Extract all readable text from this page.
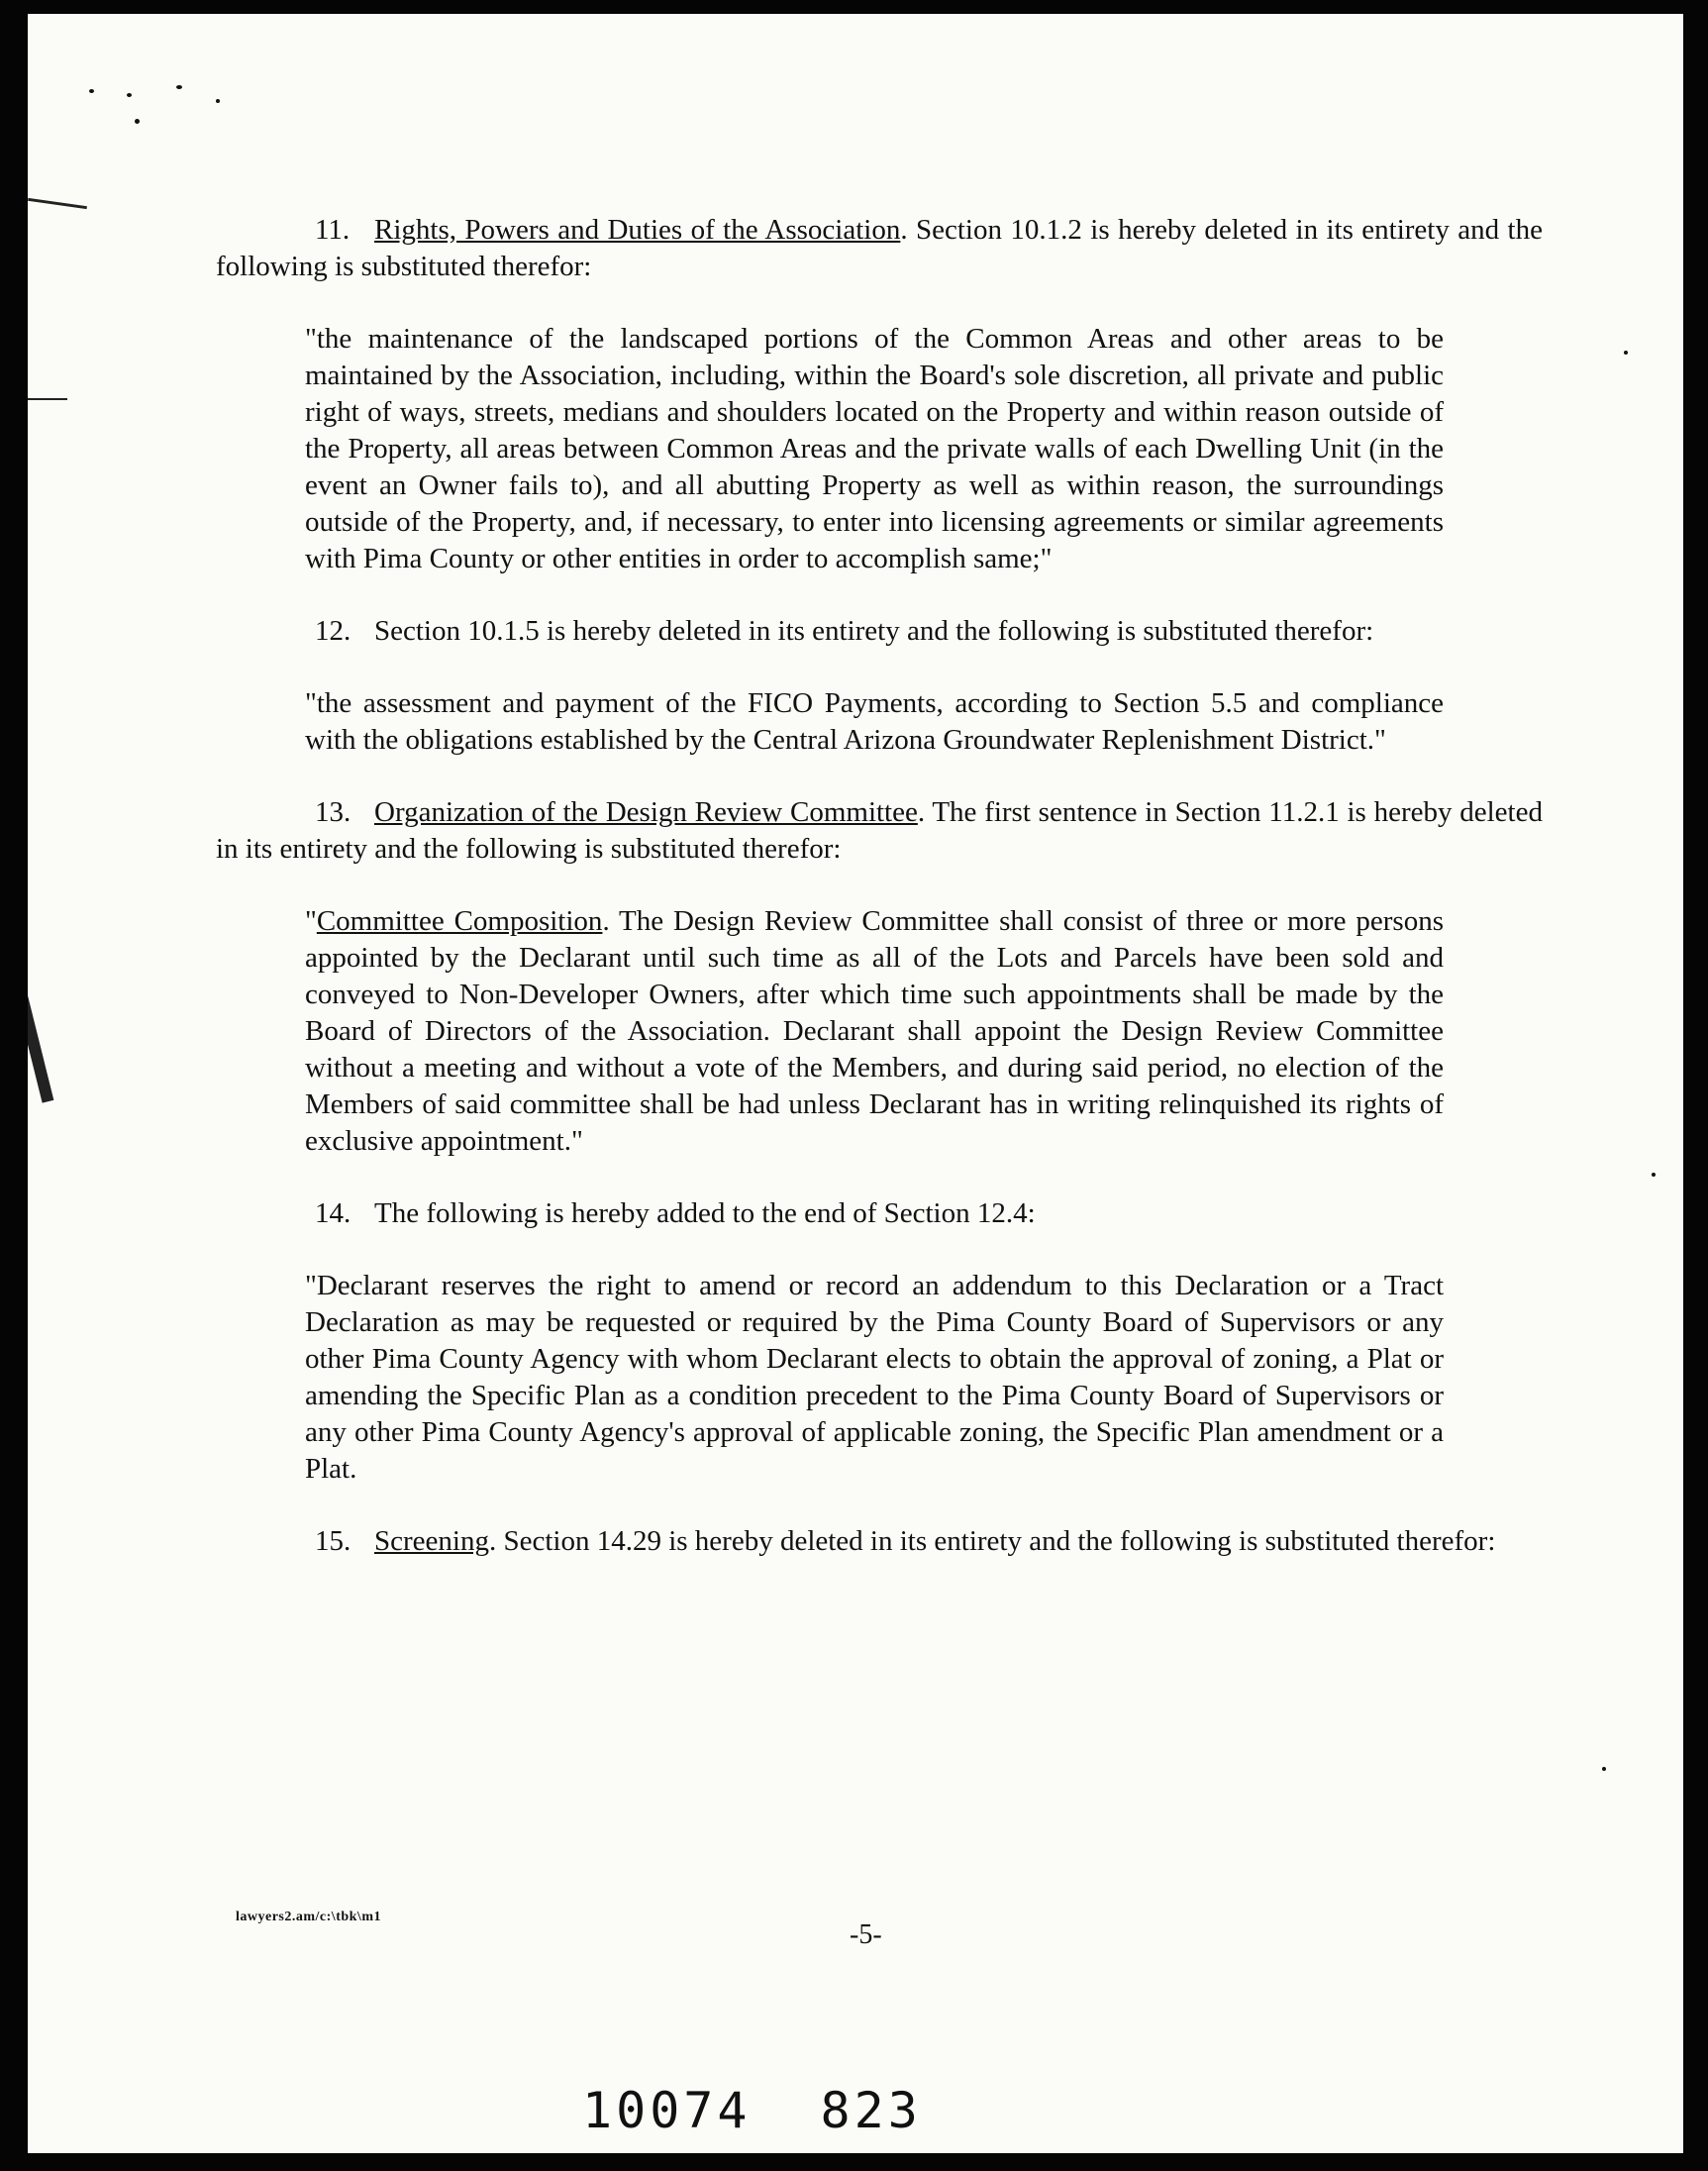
11. Rights, Powers and Duties of the Association. Section 10.1.2 is hereby deleted in its entirety and the following is substituted therefor:
"the maintenance of the landscaped portions of the Common Areas and other areas to be maintained by the Association, including, within the Board's sole discretion, all private and public right of ways, streets, medians and shoulders located on the Property and within reason outside of the Property, all areas between Common Areas and the private walls of each Dwelling Unit (in the event an Owner fails to), and all abutting Property as well as within reason, the surroundings outside of the Property, and, if necessary, to enter into licensing agreements or similar agreements with Pima County or other entities in order to accomplish same;"
12. Section 10.1.5 is hereby deleted in its entirety and the following is substituted therefor:
"the assessment and payment of the FICO Payments, according to Section 5.5 and compliance with the obligations established by the Central Arizona Groundwater Replenishment District."
13. Organization of the Design Review Committee. The first sentence in Section 11.2.1 is hereby deleted in its entirety and the following is substituted therefor:
"Committee Composition. The Design Review Committee shall consist of three or more persons appointed by the Declarant until such time as all of the Lots and Parcels have been sold and conveyed to Non-Developer Owners, after which time such appointments shall be made by the Board of Directors of the Association. Declarant shall appoint the Design Review Committee without a meeting and without a vote of the Members, and during said period, no election of the Members of said committee shall be had unless Declarant has in writing relinquished its rights of exclusive appointment."
14. The following is hereby added to the end of Section 12.4:
"Declarant reserves the right to amend or record an addendum to this Declaration or a Tract Declaration as may be requested or required by the Pima County Board of Supervisors or any other Pima County Agency with whom Declarant elects to obtain the approval of zoning, a Plat or amending the Specific Plan as a condition precedent to the Pima County Board of Supervisors or any other Pima County Agency's approval of applicable zoning, the Specific Plan amendment or a Plat.
15. Screening. Section 14.29 is hereby deleted in its entirety and the following is substituted therefor:
lawyers2.am/c:\tbk\m1
-5-
10074 823
